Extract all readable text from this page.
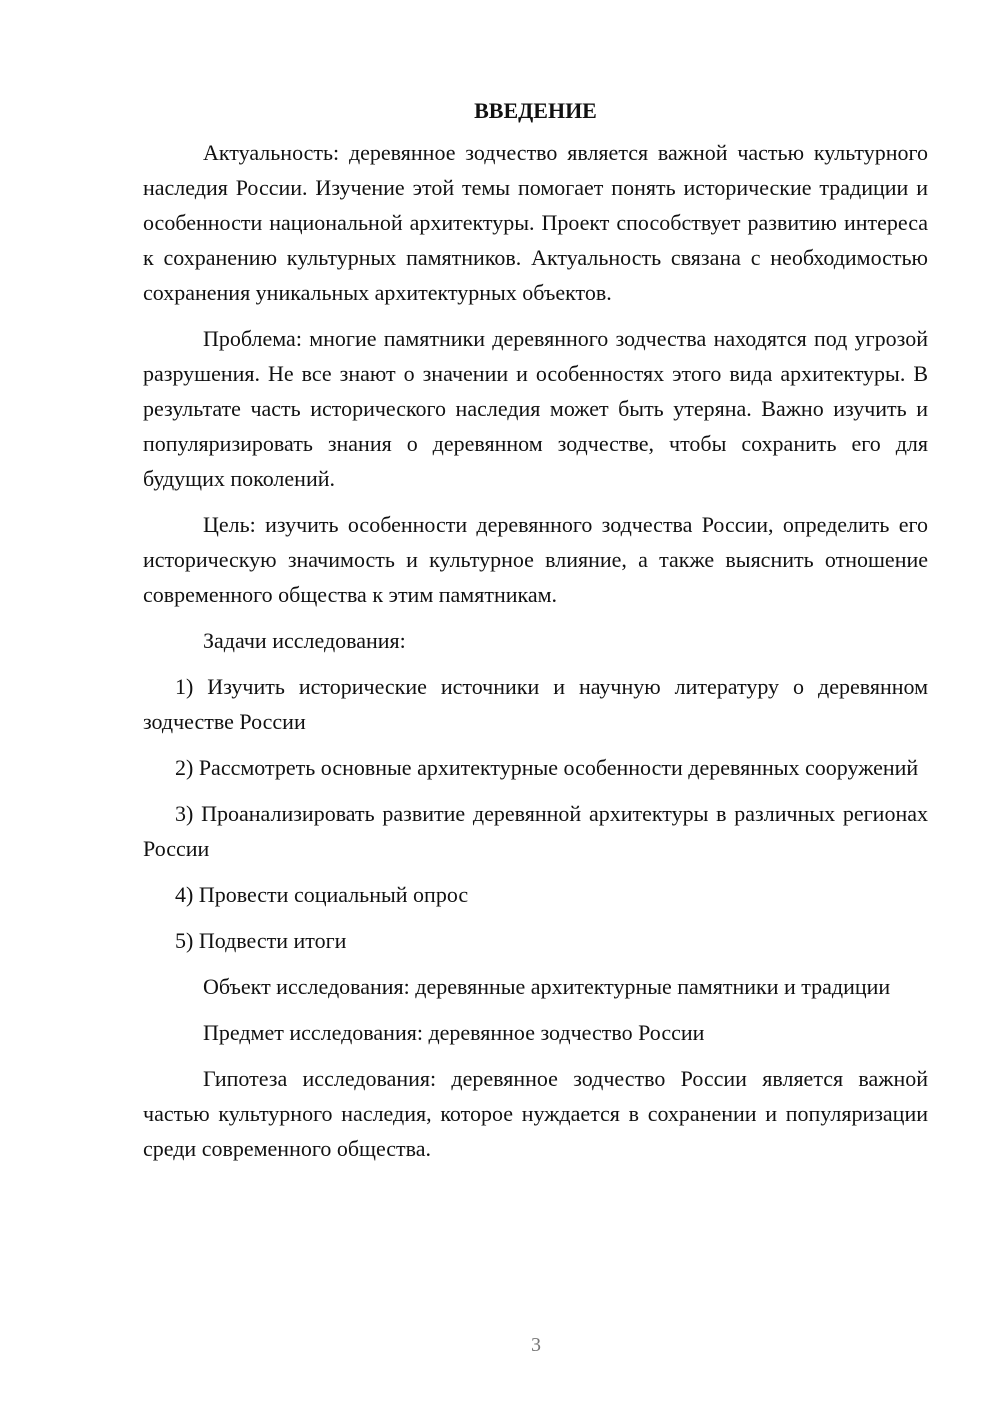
ВВЕДЕНИЕ
Актуальность: деревянное зодчество является важной частью культурного наследия России. Изучение этой темы помогает понять исторические традиции и особенности национальной архитектуры. Проект способствует развитию интереса к сохранению культурных памятников. Актуальность связана с необходимостью сохранения уникальных архитектурных объектов.
Проблема: многие памятники деревянного зодчества находятся под угрозой разрушения. Не все знают о значении и особенностях этого вида архитектуры. В результате часть исторического наследия может быть утеряна. Важно изучить и популяризировать знания о деревянном зодчестве, чтобы сохранить его для будущих поколений.
Цель: изучить особенности деревянного зодчества России, определить его историческую значимость и культурное влияние, а также выяснить отношение современного общества к этим памятникам.
Задачи исследования:
1) Изучить исторические источники и научную литературу о деревянном зодчестве России
2) Рассмотреть основные архитектурные особенности деревянных сооружений
3) Проанализировать развитие деревянной архитектуры в различных регионах России
4) Провести социальный опрос
5) Подвести итоги
Объект исследования: деревянные архитектурные памятники и традиции
Предмет исследования: деревянное зодчество России
Гипотеза исследования: деревянное зодчество России является важной частью культурного наследия, которое нуждается в сохранении и популяризации среди современного общества.
3
